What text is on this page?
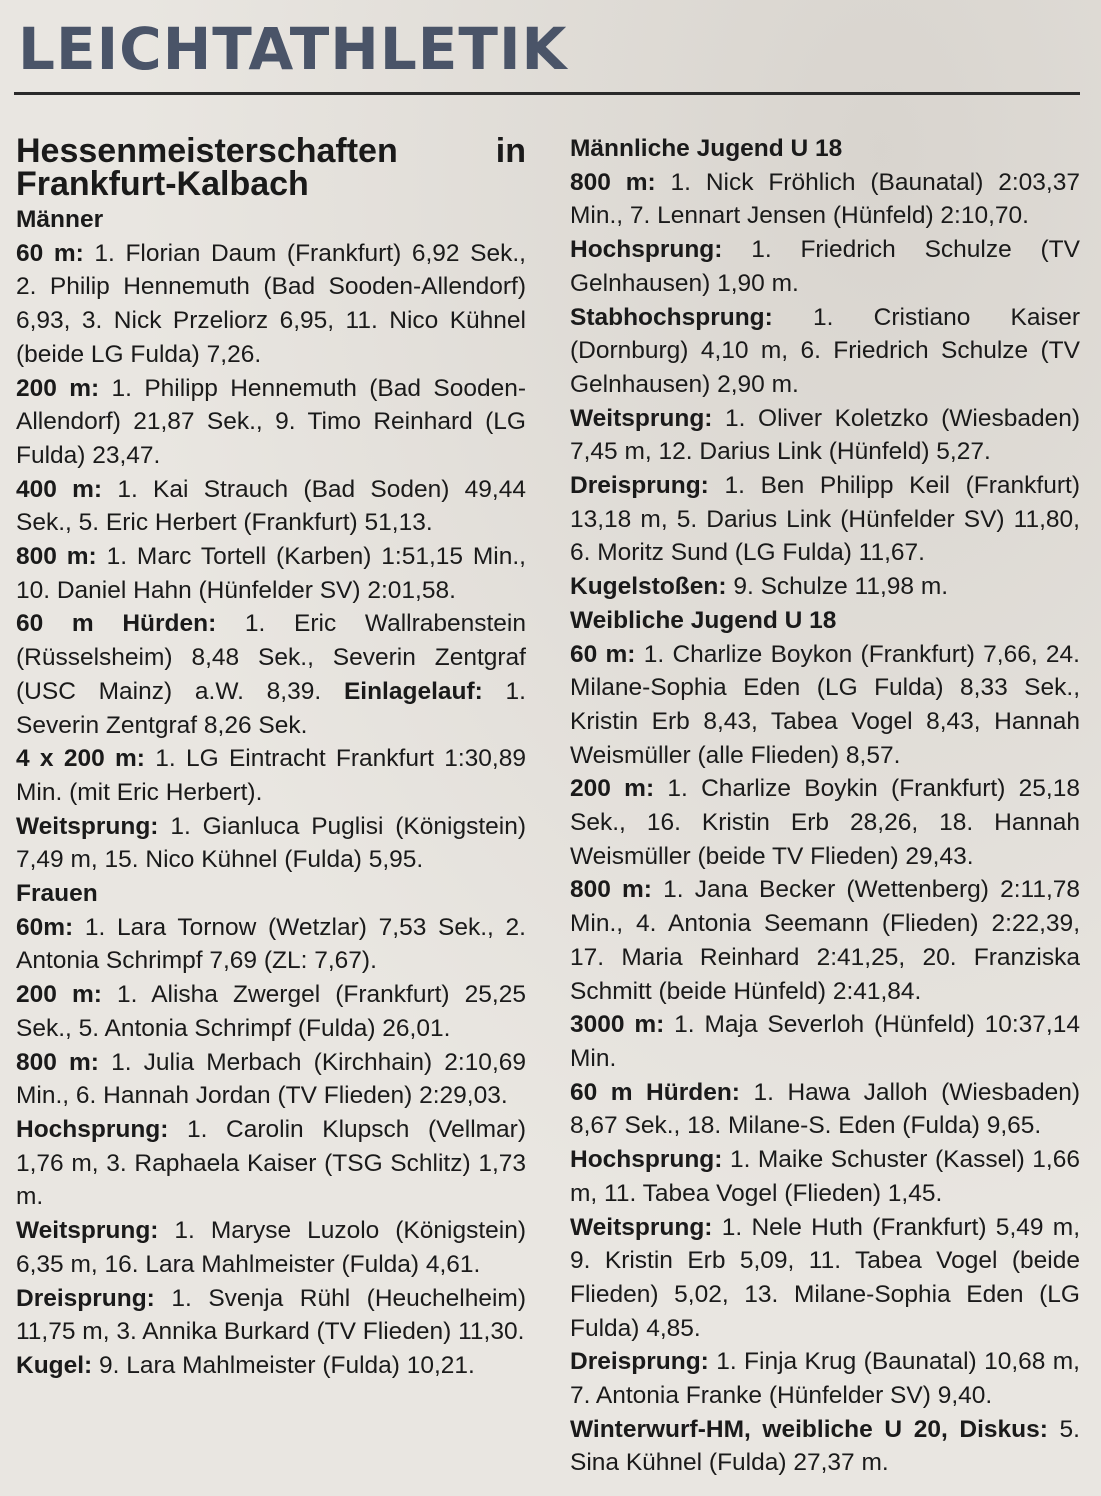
LEICHTATHLETIK
Hessenmeisterschaften in Frankfurt-Kalbach
Männer
60 m: 1. Florian Daum (Frankfurt) 6,92 Sek., 2. Philip Hennemuth (Bad Sooden-Allendorf) 6,93, 3. Nick Przeliorz 6,95, 11. Nico Kühnel (beide LG Fulda) 7,26.
200 m: 1. Philipp Hennemuth (Bad Sooden-Allendorf) 21,87 Sek., 9. Timo Reinhard (LG Fulda) 23,47.
400 m: 1. Kai Strauch (Bad Soden) 49,44 Sek., 5. Eric Herbert (Frankfurt) 51,13.
800 m: 1. Marc Tortell (Karben) 1:51,15 Min., 10. Daniel Hahn (Hünfelder SV) 2:01,58.
60 m Hürden: 1. Eric Wallrabenstein (Rüsselsheim) 8,48 Sek., Severin Zentgraf (USC Mainz) a.W. 8,39. Einlagelauf: 1. Severin Zentgraf 8,26 Sek.
4 x 200 m: 1. LG Eintracht Frankfurt 1:30,89 Min. (mit Eric Herbert).
Weitsprung: 1. Gianluca Puglisi (Königstein) 7,49 m, 15. Nico Kühnel (Fulda) 5,95.
Frauen
60m: 1. Lara Tornow (Wetzlar) 7,53 Sek., 2. Antonia Schrimpf 7,69 (ZL: 7,67).
200 m: 1. Alisha Zwergel (Frankfurt) 25,25 Sek., 5. Antonia Schrimpf (Fulda) 26,01.
800 m: 1. Julia Merbach (Kirchhain) 2:10,69 Min., 6. Hannah Jordan (TV Flieden) 2:29,03.
Hochsprung: 1. Carolin Klupsch (Vellmar) 1,76 m, 3. Raphaela Kaiser (TSG Schlitz) 1,73 m.
Weitsprung: 1. Maryse Luzolo (Königstein) 6,35 m, 16. Lara Mahlmeister (Fulda) 4,61.
Dreisprung: 1. Svenja Rühl (Heuchelheim) 11,75 m, 3. Annika Burkard (TV Flieden) 11,30.
Kugel: 9. Lara Mahlmeister (Fulda) 10,21.
Männliche Jugend U 18
800 m: 1. Nick Fröhlich (Baunatal) 2:03,37 Min., 7. Lennart Jensen (Hünfeld) 2:10,70.
Hochsprung: 1. Friedrich Schulze (TV Gelnhausen) 1,90 m.
Stabhochsprung: 1. Cristiano Kaiser (Dornburg) 4,10 m, 6. Friedrich Schulze (TV Gelnhausen) 2,90 m.
Weitsprung: 1. Oliver Koletzko (Wiesbaden) 7,45 m, 12. Darius Link (Hünfeld) 5,27.
Dreisprung: 1. Ben Philipp Keil (Frankfurt) 13,18 m, 5. Darius Link (Hünfelder SV) 11,80, 6. Moritz Sund (LG Fulda) 11,67.
Kugelstoßen: 9. Schulze 11,98 m.
Weibliche Jugend U 18
60 m: 1. Charlize Boykon (Frankfurt) 7,66, 24. Milane-Sophia Eden (LG Fulda) 8,33 Sek., Kristin Erb 8,43, Tabea Vogel 8,43, Hannah Weismüller (alle Flieden) 8,57.
200 m: 1. Charlize Boykin (Frankfurt) 25,18 Sek., 16. Kristin Erb 28,26, 18. Hannah Weismüller (beide TV Flieden) 29,43.
800 m: 1. Jana Becker (Wettenberg) 2:11,78 Min., 4. Antonia Seemann (Flieden) 2:22,39, 17. Maria Reinhard 2:41,25, 20. Franziska Schmitt (beide Hünfeld) 2:41,84.
3000 m: 1. Maja Severloh (Hünfeld) 10:37,14 Min.
60 m Hürden: 1. Hawa Jalloh (Wiesbaden) 8,67 Sek., 18. Milane-S. Eden (Fulda) 9,65.
Hochsprung: 1. Maike Schuster (Kassel) 1,66 m, 11. Tabea Vogel (Flieden) 1,45.
Weitsprung: 1. Nele Huth (Frankfurt) 5,49 m, 9. Kristin Erb 5,09, 11. Tabea Vogel (beide Flieden) 5,02, 13. Milane-Sophia Eden (LG Fulda) 4,85.
Dreisprung: 1. Finja Krug (Baunatal) 10,68 m, 7. Antonia Franke (Hünfelder SV) 9,40.
Winterwurf-HM, weibliche U 20, Diskus: 5. Sina Kühnel (Fulda) 27,37 m.
